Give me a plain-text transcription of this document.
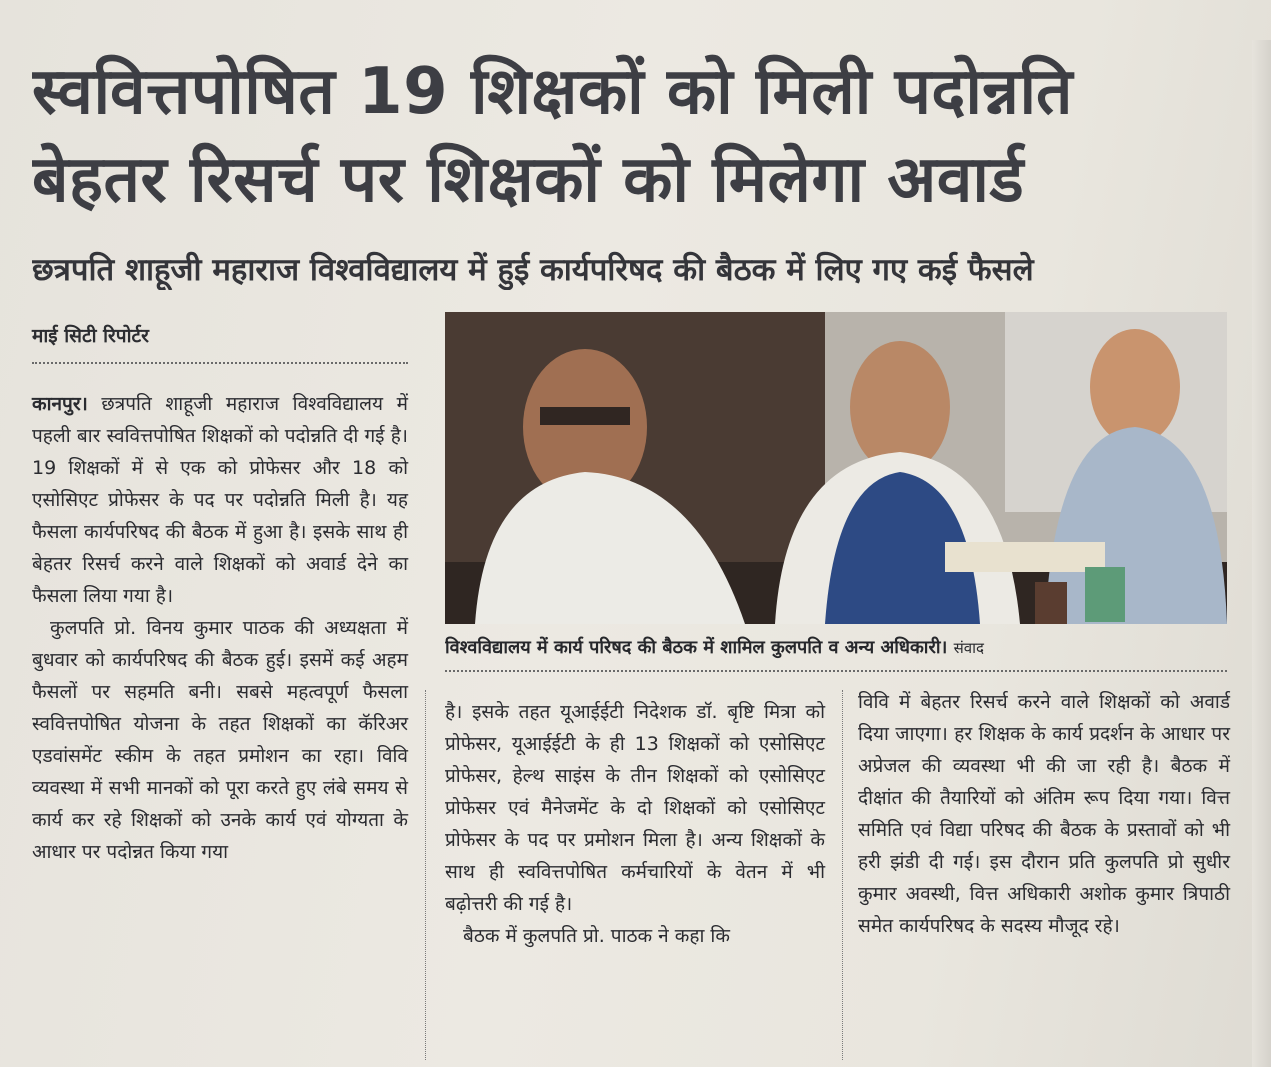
स्ववित्तपोषित 19 शिक्षकों को मिली पदोन्नति
बेहतर रिसर्च पर शिक्षकों को मिलेगा अवार्ड
छत्रपति शाहूजी महाराज विश्वविद्यालय में हुई कार्यपरिषद की बैठक में लिए गए कई फैसले
माई सिटी रिपोर्टर
विश्वविद्यालय में कार्य परिषद की बैठक में शामिल कुलपति व अन्य अधिकारी। संवाद

कानपुर। छत्रपति शाहूजी महाराज विश्वविद्यालय में पहली बार स्ववित्तपोषित शिक्षकों को पदोन्नति दी गई है। 19 शिक्षकों में से एक को प्रोफेसर और 18 को एसोसिएट प्रोफेसर के पद पर पदोन्नति मिली है। यह फैसला कार्यपरिषद की बैठक में हुआ है। इसके साथ ही बेहतर रिसर्च करने वाले शिक्षकों को अवार्ड देने का फैसला लिया गया है।

कुलपति प्रो. विनय कुमार पाठक की अध्यक्षता में बुधवार को कार्यपरिषद की बैठक हुई। इसमें कई अहम फैसलों पर सहमति बनी। सबसे महत्वपूर्ण फैसला स्ववित्तपोषित योजना के तहत शिक्षकों का कॅरिअर एडवांसमेंट स्कीम के तहत प्रमोशन का रहा। विवि व्यवस्था में सभी मानकों को पूरा करते हुए लंबे समय से कार्य कर रहे शिक्षकों को उनके कार्य एवं योग्यता के आधार पर पदोन्नत किया गया

है। इसके तहत यूआईईटी निदेशक डॉ. बृष्टि मित्रा को प्रोफेसर, यूआईईटी के ही 13 शिक्षकों को एसोसिएट प्रोफेसर, हेल्थ साइंस के तीन शिक्षकों को एसोसिएट प्रोफेसर एवं मैनेजमेंट के दो शिक्षकों को एसोसिएट प्रोफेसर के पद पर प्रमोशन मिला है। अन्य शिक्षकों के साथ ही स्ववित्तपोषित कर्मचारियों के वेतन में भी बढ़ोत्तरी की गई है।

बैठक में कुलपति प्रो. पाठक ने कहा कि

विवि में बेहतर रिसर्च करने वाले शिक्षकों को अवार्ड दिया जाएगा। हर शिक्षक के कार्य प्रदर्शन के आधार पर अप्रेजल की व्यवस्था भी की जा रही है। बैठक में दीक्षांत की तैयारियों को अंतिम रूप दिया गया। वित्त समिति एवं विद्या परिषद की बैठक के प्रस्तावों को भी हरी झंडी दी गई। इस दौरान प्रति कुलपति प्रो सुधीर कुमार अवस्थी, वित्त अधिकारी अशोक कुमार त्रिपाठी समेत कार्यपरिषद के सदस्य मौजूद रहे।
